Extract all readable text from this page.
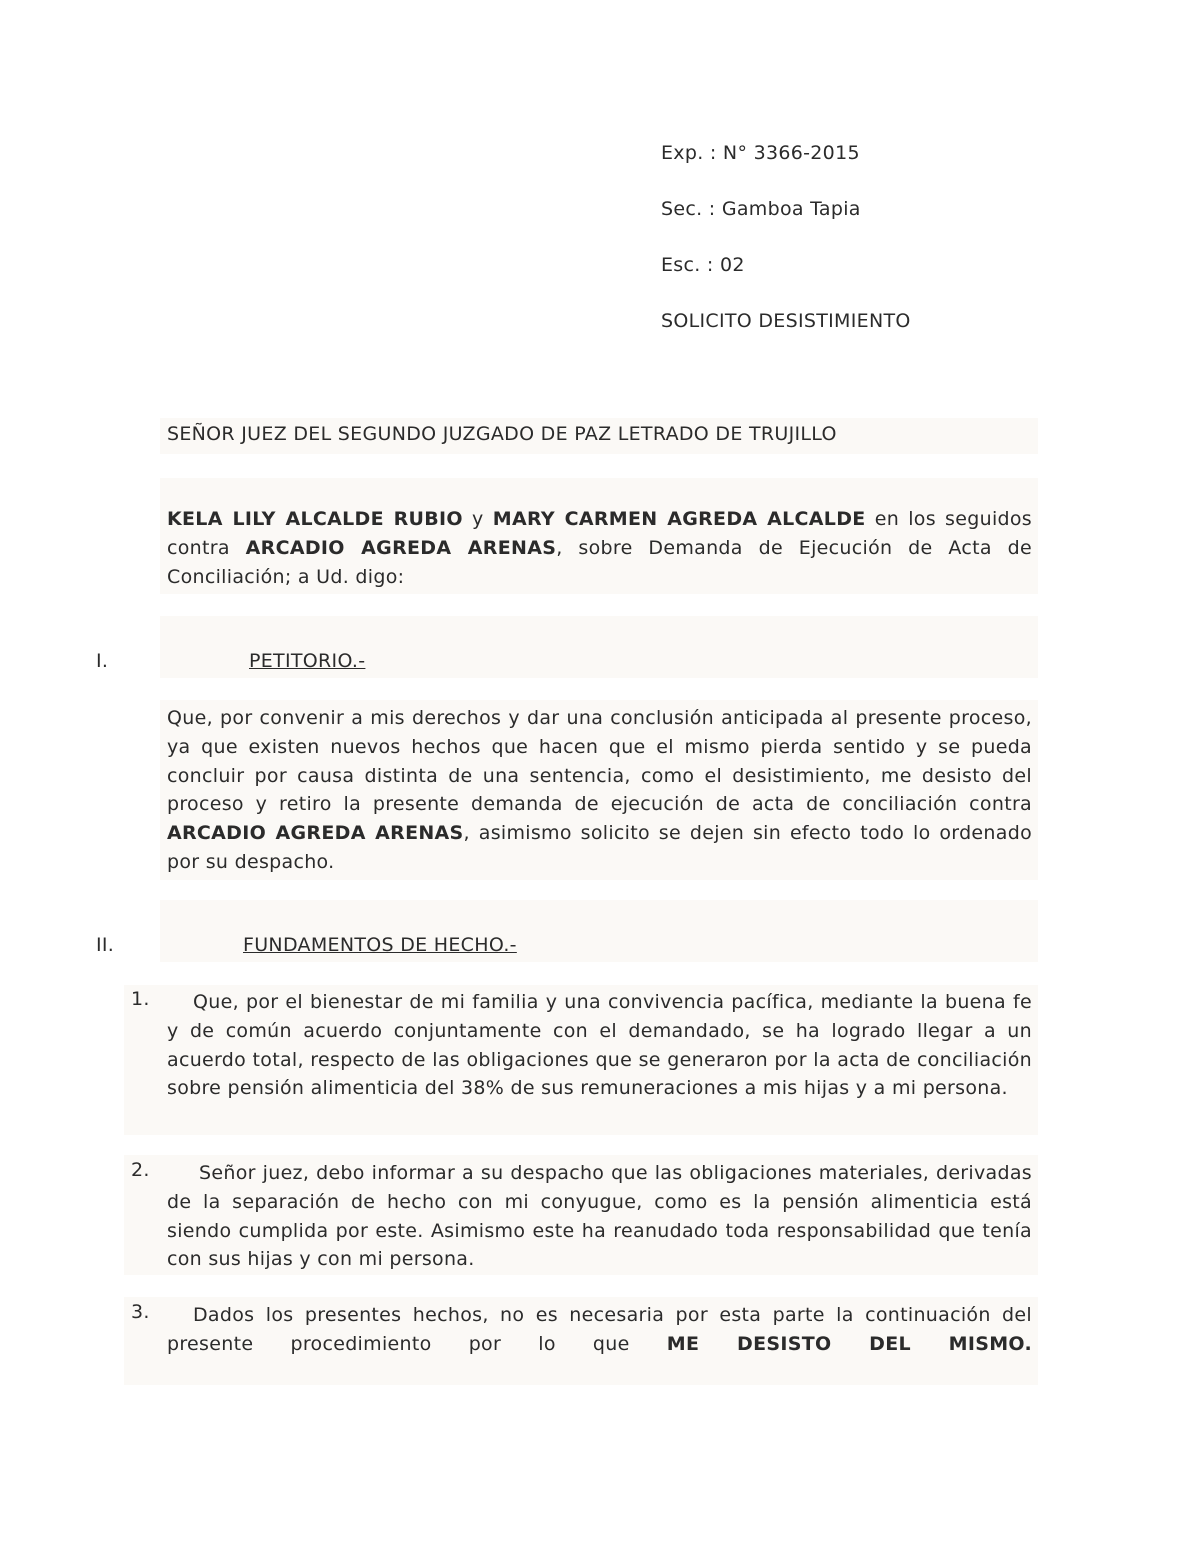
Exp. : N° 3366-2015
Sec. : Gamboa Tapia
Esc. : 02
SOLICITO DESISTIMIENTO
SEÑOR JUEZ DEL SEGUNDO JUZGADO DE PAZ LETRADO DE TRUJILLO
KELA LILY ALCALDE RUBIO y MARY CARMEN AGREDA ALCALDE en los seguidos contra ARCADIO AGREDA ARENAS, sobre Demanda de Ejecución de Acta de Conciliación; a Ud. digo:
I.	PETITORIO.-
Que, por convenir a mis derechos y dar una conclusión anticipada al presente proceso, ya que existen nuevos hechos que hacen que el mismo pierda sentido y se pueda concluir por causa distinta de una sentencia, como el desistimiento, me desisto del proceso y retiro la presente demanda de ejecución de acta de conciliación contra ARCADIO AGREDA ARENAS, asimismo solicito se dejen sin efecto todo lo ordenado por su despacho.
II.	FUNDAMENTOS DE HECHO.-
1.	Que, por el bienestar de mi familia y una convivencia pacífica, mediante la buena fe y de común acuerdo conjuntamente con el demandado, se ha logrado llegar a un acuerdo total, respecto de las obligaciones que se generaron por la acta de conciliación sobre pensión alimenticia del 38% de sus remuneraciones a mis hijas y a mi persona.
2.	Señor juez, debo informar a su despacho que las obligaciones materiales, derivadas de la separación de hecho con mi conyugue, como es la pensión alimenticia está siendo cumplida por este. Asimismo este ha reanudado toda responsabilidad que tenía con sus hijas y con mi persona.
3.	Dados los presentes hechos, no es necesaria por esta parte la continuación del presente procedimiento por lo que ME DESISTO DEL MISMO.
